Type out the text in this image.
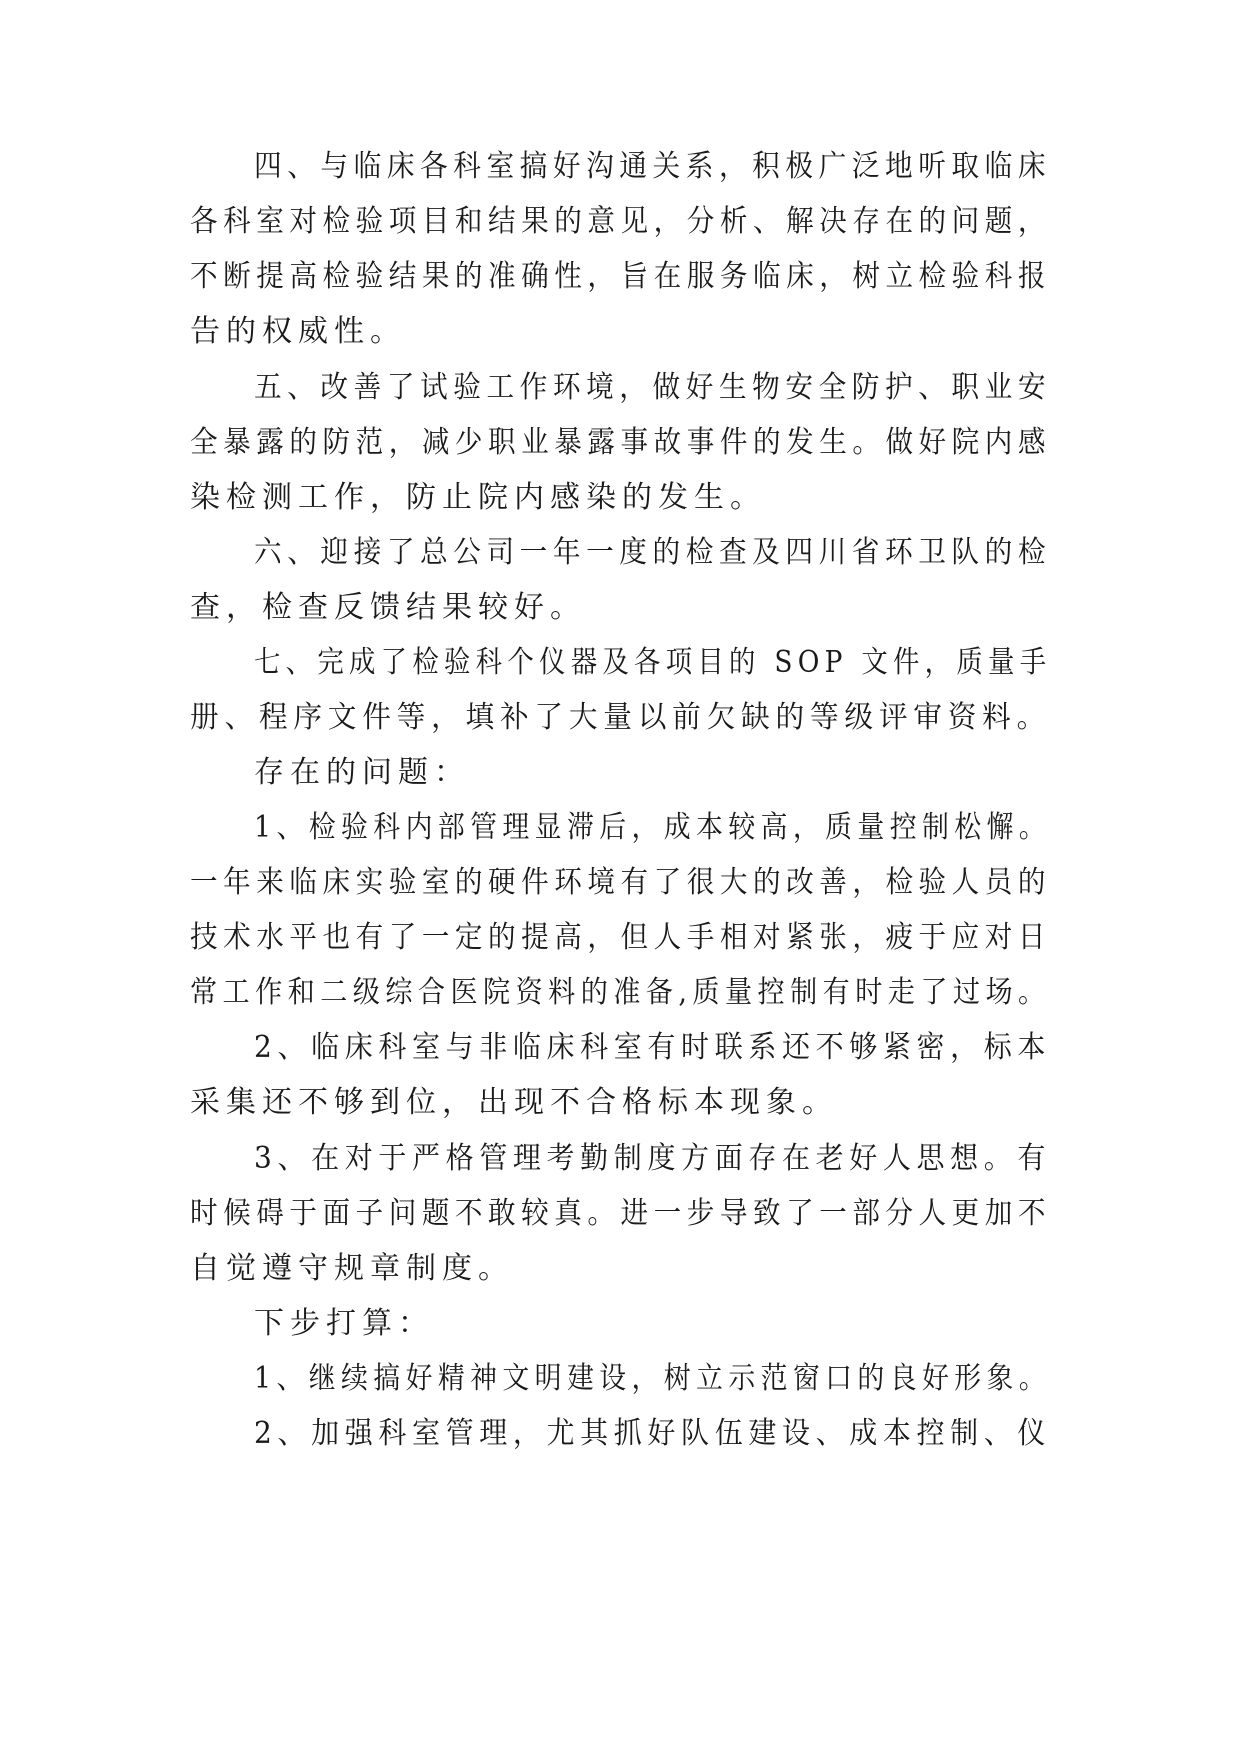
四、与临床各科室搞好沟通关系，积极广泛地听取临床

各科室对检验项目和结果的意见，分析、解决存在的问题，

不断提高检验结果的准确性，旨在服务临床，树立检验科报

告的权威性。

五、改善了试验工作环境，做好生物安全防护、职业安

全暴露的防范，减少职业暴露事故事件的发生。做好院内感

染检测工作，防止院内感染的发生。

六、迎接了总公司一年一度的检查及四川省环卫队的检

查，检查反馈结果较好。

七、完成了检验科个仪器及各项目的 SOP 文件，质量手

册、程序文件等，填补了大量以前欠缺的等级评审资料。

存在的问题：

1、检验科内部管理显滞后，成本较高，质量控制松懈。

一年来临床实验室的硬件环境有了很大的改善，检验人员的

技术水平也有了一定的提高，但人手相对紧张，疲于应对日

常工作和二级综合医院资料的准备,质量控制有时走了过场。

2、临床科室与非临床科室有时联系还不够紧密，标本

采集还不够到位，出现不合格标本现象。

3、在对于严格管理考勤制度方面存在老好人思想。有

时候碍于面子问题不敢较真。进一步导致了一部分人更加不

自觉遵守规章制度。

下步打算：

1、继续搞好精神文明建设，树立示范窗口的良好形象。

2、加强科室管理，尤其抓好队伍建设、成本控制、仪
